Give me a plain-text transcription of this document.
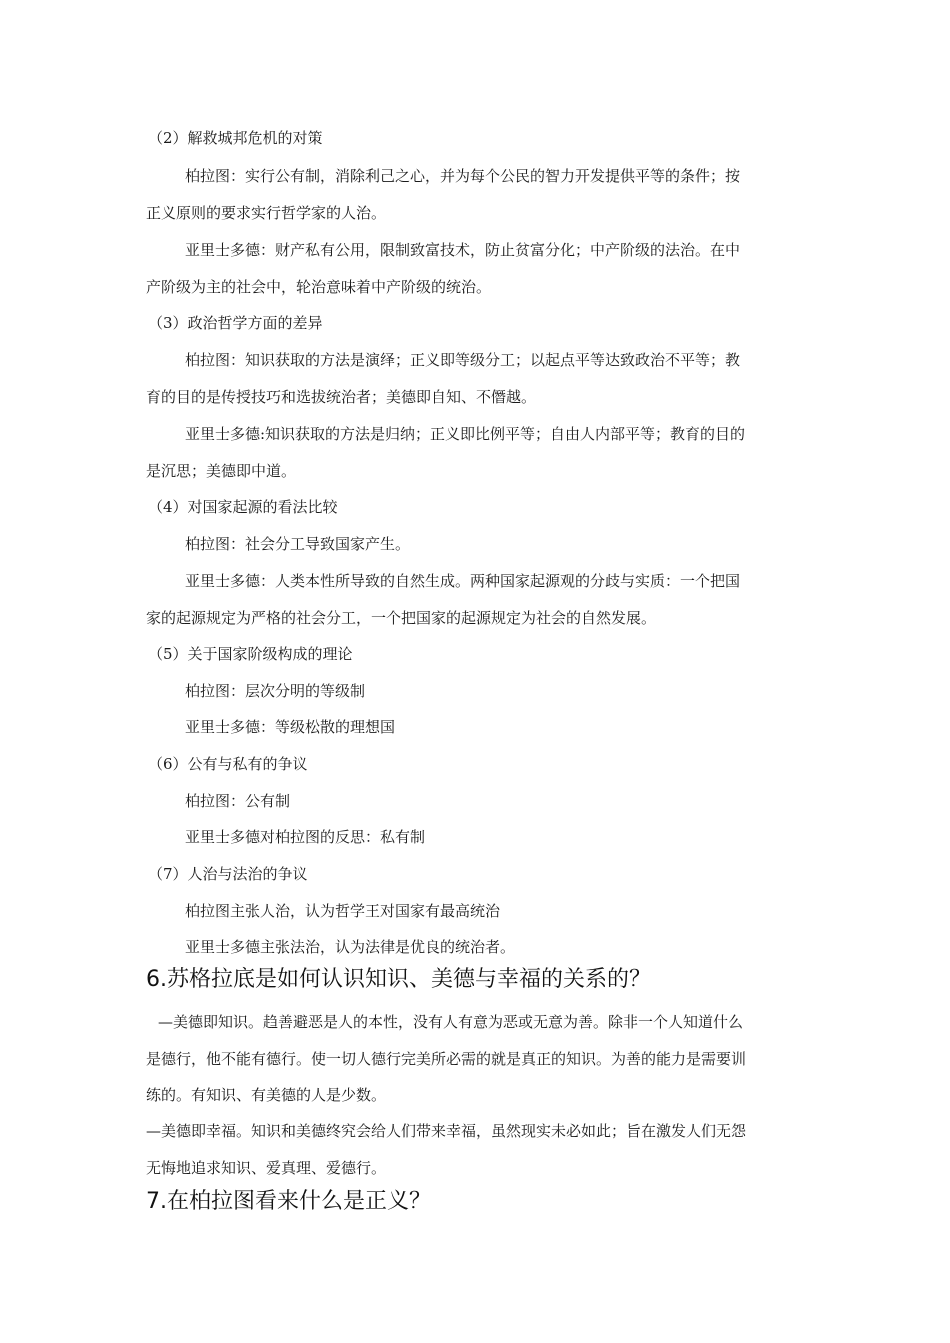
（2）解救城邦危机的对策
柏拉图：实行公有制，消除利己之心，并为每个公民的智力开发提供平等的条件；按
正义原则的要求实行哲学家的人治。
亚里士多德：财产私有公用，限制致富技术，防止贫富分化；中产阶级的法治。在中
产阶级为主的社会中，轮治意味着中产阶级的统治。
（3）政治哲学方面的差异
柏拉图：知识获取的方法是演绎；正义即等级分工；以起点平等达致政治不平等；教
育的目的是传授技巧和选拔统治者；美德即自知、不僭越。
亚里士多德:知识获取的方法是归纳；正义即比例平等；自由人内部平等；教育的目的
是沉思；美德即中道。
（4）对国家起源的看法比较
柏拉图：社会分工导致国家产生。
亚里士多德：人类本性所导致的自然生成。两种国家起源观的分歧与实质：一个把国
家的起源规定为严格的社会分工，一个把国家的起源规定为社会的自然发展。
（5）关于国家阶级构成的理论
柏拉图：层次分明的等级制
亚里士多德：等级松散的理想国
（6）公有与私有的争议
柏拉图：公有制
亚里士多德对柏拉图的反思：私有制
（7）人治与法治的争议
柏拉图主张人治，认为哲学王对国家有最高统治
亚里士多德主张法治，认为法律是优良的统治者。
6.苏格拉底是如何认识知识、美德与幸福的关系的？
—美德即知识。趋善避恶是人的本性，没有人有意为恶或无意为善。除非一个人知道什么
是德行，他不能有德行。使一切人德行完美所必需的就是真正的知识。为善的能力是需要训
练的。有知识、有美德的人是少数。
—美德即幸福。知识和美德终究会给人们带来幸福，虽然现实未必如此；旨在激发人们无怨
无悔地追求知识、爱真理、爱德行。
7.在柏拉图看来什么是正义？
